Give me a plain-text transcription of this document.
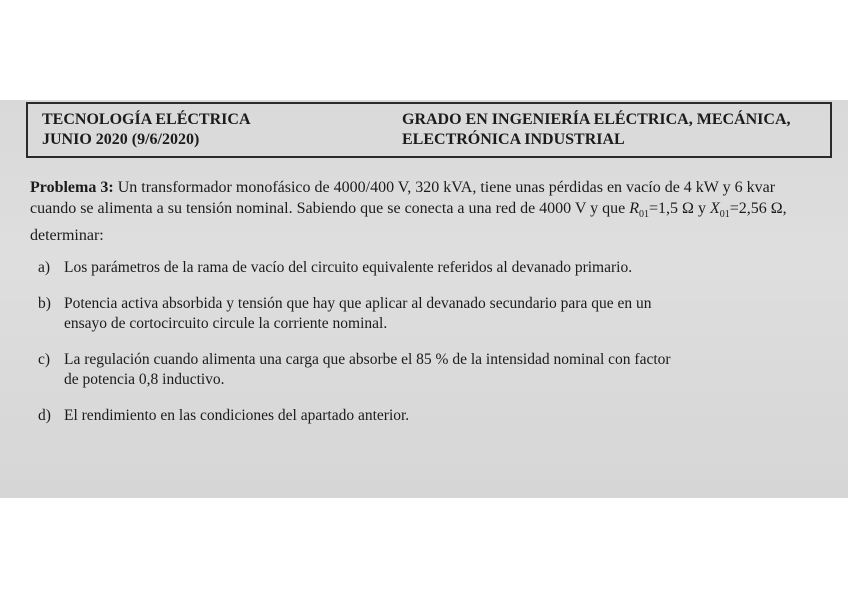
TECNOLOGÍA ELÉCTRICA
JUNIO 2020 (9/6/2020)
GRADO EN INGENIERÍA ELÉCTRICA, MECÁNICA,
ELECTRÓNICA INDUSTRIAL
Problema 3: Un transformador monofásico de 4000/400 V, 320 kVA, tiene unas pérdidas en vacío de 4 kW y 6 kvar cuando se alimenta a su tensión nominal. Sabiendo que se conecta a una red de 4000 V y que $R_{01}=1,5$ Ω y $X_{01}=2,56$ Ω, determinar:
a) Los parámetros de la rama de vacío del circuito equivalente referidos al devanado primario.
b) Potencia activa absorbida y tensión que hay que aplicar al devanado secundario para que en un
ensayo de cortocircuito circule la corriente nominal.
c) La regulación cuando alimenta una carga que absorbe el 85 % de la intensidad nominal con factor
de potencia 0,8 inductivo.
d) El rendimiento en las condiciones del apartado anterior.
